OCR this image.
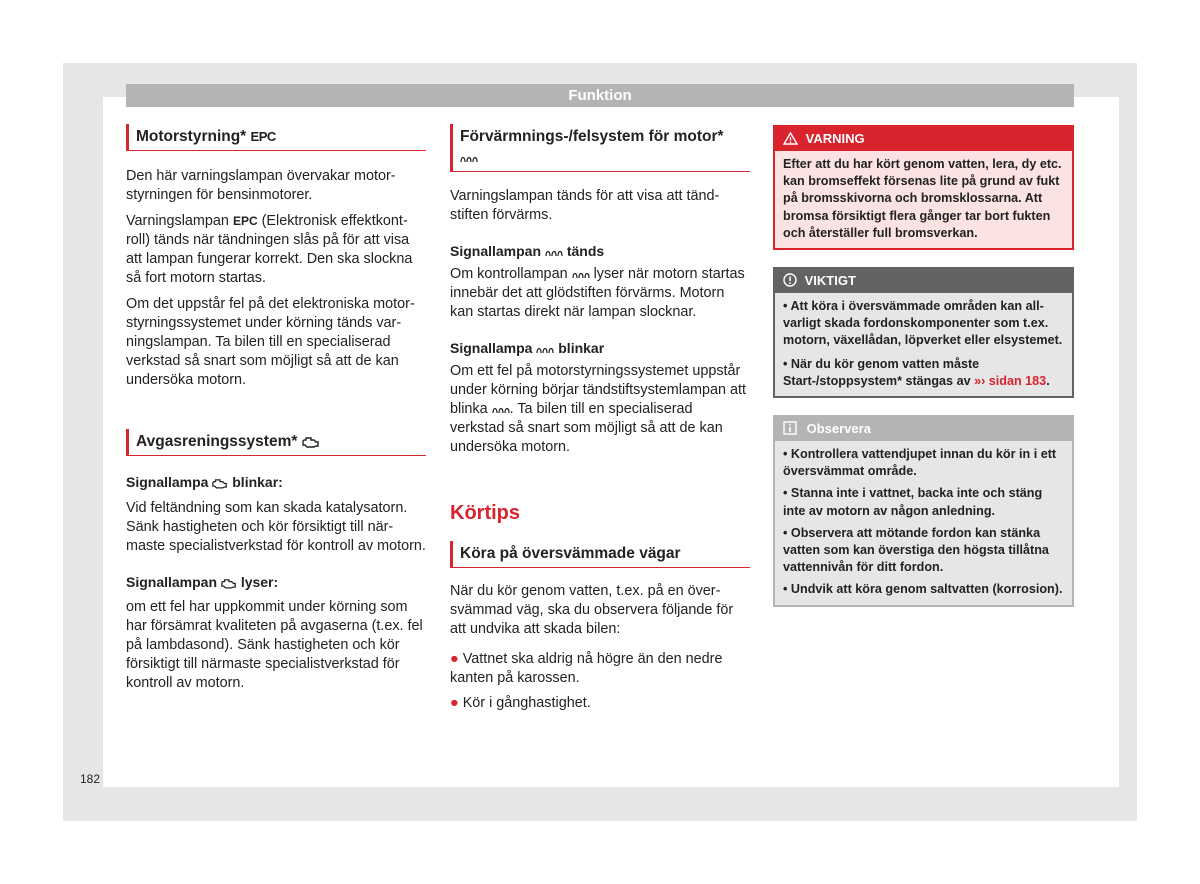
Funktion
Motorstyrning* EPC

Den här varningslampan övervakar motorstyrningen för bensinmotorer.

Varningslampan EPC (Elektronisk effektkontroll) tänds när tändningen slås på för att visa att lampan fungerar korrekt. Den ska slockna så fort motorn startas.

Om det uppstår fel på det elektroniska motorstyrningssystemet under körning tänds varningslampan. Ta bilen till en specialiserad verkstad så snart som möjligt så att de kan undersöka motorn.

Avgasreningssystem*
Signallampa blinkar:

Vid feltändning som kan skada katalysatorn. Sänk hastigheten och kör försiktigt till närmaste specialistverkstad för kontroll av motorn.

Signallampan lyser:

om ett fel har uppkommit under körning som har försämrat kvaliteten på avgaserna (t.ex. fel på lambdasond). Sänk hastigheten och kör försiktigt till närmaste specialistverkstad för kontroll av motorn.

Förvärmnings-/felsystem för motor*

Varningslampan tänds för att visa att tändstiften förvärms.

Signallampan tänds

Om kontrollampan lyser när motorn startas innebär det att glödstiften förvärms. Motorn kan startas direkt när lampan slocknar.

Signallampa blinkar

Om ett fel på motorstyrningssystemet uppstår under körning börjar tändstiftsystemlampan att blinka . Ta bilen till en specialiserad verkstad så snart som möjligt så att de kan undersöka motorn.

Körtips
Köra på översvämmade vägar

När du kör genom vatten, t.ex. på en översvämmad väg, ska du observera följande för att undvika att skada bilen:

● Vattnet ska aldrig nå högre än den nedre kanten på karossen.

● Kör i gånghastighet.

VARNING

Efter att du har kört genom vatten, lera, dy etc. kan bromseffekt försenas lite på grund av fukt på bromsskivorna och bromsklossarna. Att bromsa försiktigt flera gånger tar bort fukten och återställer full bromsverkan.

VIKTIGT

• Att köra i översvämmade områden kan allvarligt skada fordonskomponenter som t.ex. motorn, växellådan, löpverket eller elsystemet.

• När du kör genom vatten måste Start-/stoppsystem* stängas av »› sidan 183.

Observera

• Kontrollera vattendjupet innan du kör in i ett översvämmat område.

• Stanna inte i vattnet, backa inte och stäng inte av motorn av någon anledning.

• Observera att mötande fordon kan stänka vatten som kan överstiga den högsta tillåtna vattennivån för ditt fordon.

• Undvik att köra genom saltvatten (korrosion).

182
